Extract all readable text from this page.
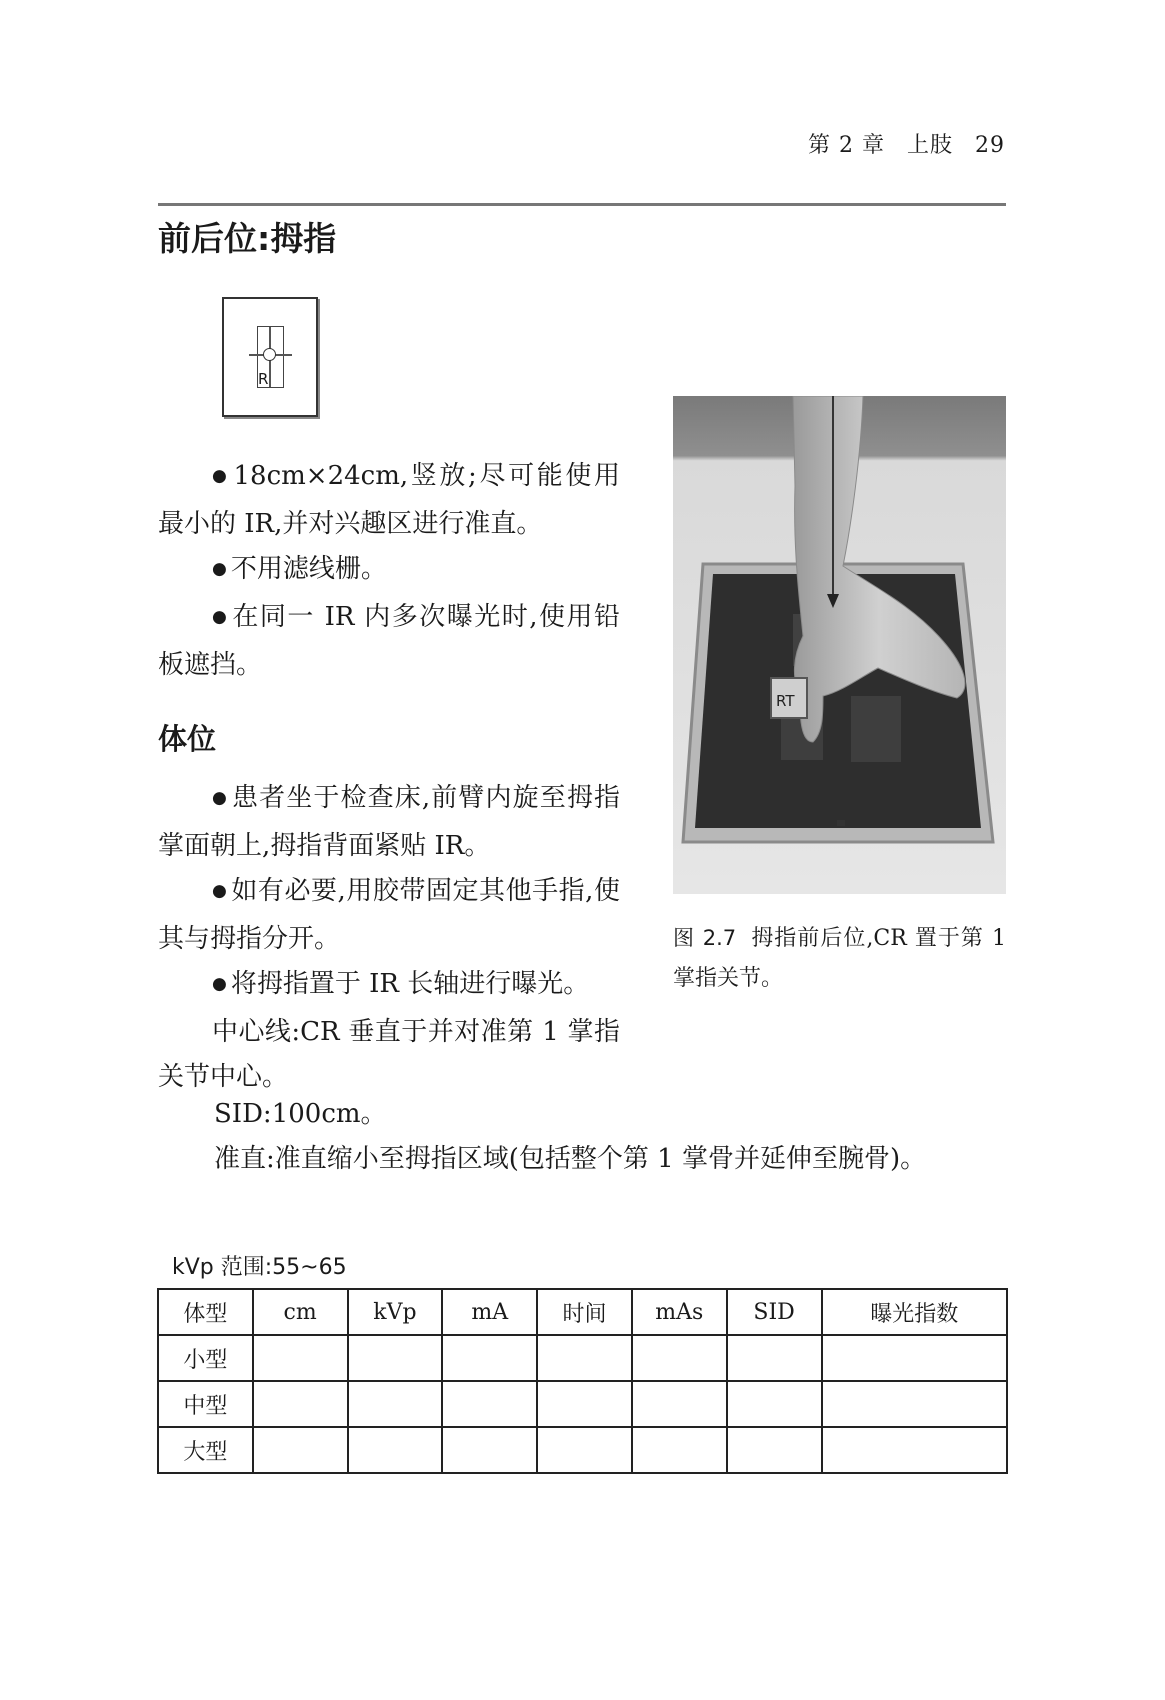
第 2 章 上肢 29
前后位:拇指
R

● 18cm×24cm,竖放;尽可能使用最小的 IR,并对兴趣区进行准直。

● 不用滤线栅。

● 在同一 IR 内多次曝光时,使用铅板遮挡。

体位

● 患者坐于检查床,前臂内旋至拇指掌面朝上,拇指背面紧贴 IR。

● 如有必要,用胶带固定其他手指,使其与拇指分开。

● 将拇指置于 IR 长轴进行曝光。

中心线:CR 垂直于并对准第 1 掌指关节中心。

SID:100cm。

准直:准直缩小至拇指区域(包括整个第 1 掌骨并延伸至腕骨)。

RT
图 2.7 拇指前后位,CR 置于第 1 掌指关节。
kVp 范围:55~65
体型	cm	kVp	mA	时间	mAs	SID	曝光指数
小型							
中型							
大型							
